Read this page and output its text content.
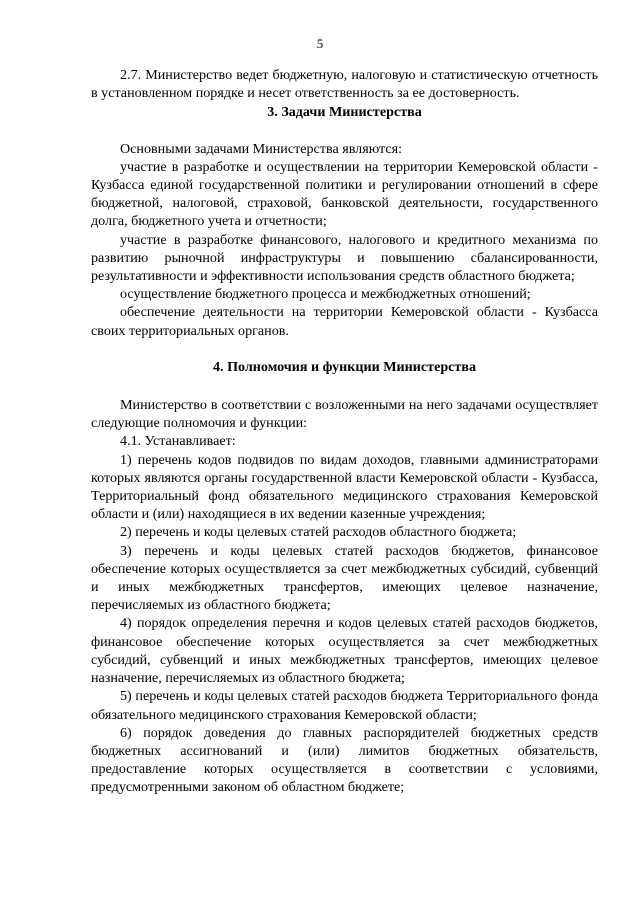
5

2.7. Министерство ведет бюджетную, налоговую и статистическую отчетность в установленном порядке и несет ответственность за ее достоверность.

3. Задачи Министерства

Основными задачами Министерства являются:

участие в разработке и осуществлении на территории Кемеровской области - Кузбасса единой государственной политики и регулировании отношений в сфере бюджетной, налоговой, страховой, банковской деятельности, государственного долга, бюджетного учета и отчетности;

участие в разработке финансового, налогового и кредитного механизма по развитию рыночной инфраструктуры и повышению сбалансированности, результативности и эффективности использования средств областного бюджета;

осуществление бюджетного процесса и межбюджетных отношений;

обеспечение деятельности на территории Кемеровской области - Кузбасса своих территориальных органов.

4. Полномочия и функции Министерства

Министерство в соответствии с возложенными на него задачами осуществляет следующие полномочия и функции:

4.1. Устанавливает:

1) перечень кодов подвидов по видам доходов, главными администраторами которых являются органы государственной власти Кемеровской области - Кузбасса, Территориальный фонд обязательного медицинского страхования Кемеровской области и (или) находящиеся в их ведении казенные учреждения;

2) перечень и коды целевых статей расходов областного бюджета;

3) перечень и коды целевых статей расходов бюджетов, финансовое обеспечение которых осуществляется за счет межбюджетных субсидий, субвенций и иных межбюджетных трансфертов, имеющих целевое назначение, перечисляемых из областного бюджета;

4) порядок определения перечня и кодов целевых статей расходов бюджетов, финансовое обеспечение которых осуществляется за счет межбюджетных субсидий, субвенций и иных межбюджетных трансфертов, имеющих целевое назначение, перечисляемых из областного бюджета;

5) перечень и коды целевых статей расходов бюджета Территориального фонда обязательного медицинского страхования Кемеровской области;

6) порядок доведения до главных распорядителей бюджетных средств бюджетных ассигнований и (или) лимитов бюджетных обязательств, предоставление которых осуществляется в соответствии с условиями, предусмотренными законом об областном бюджете;
